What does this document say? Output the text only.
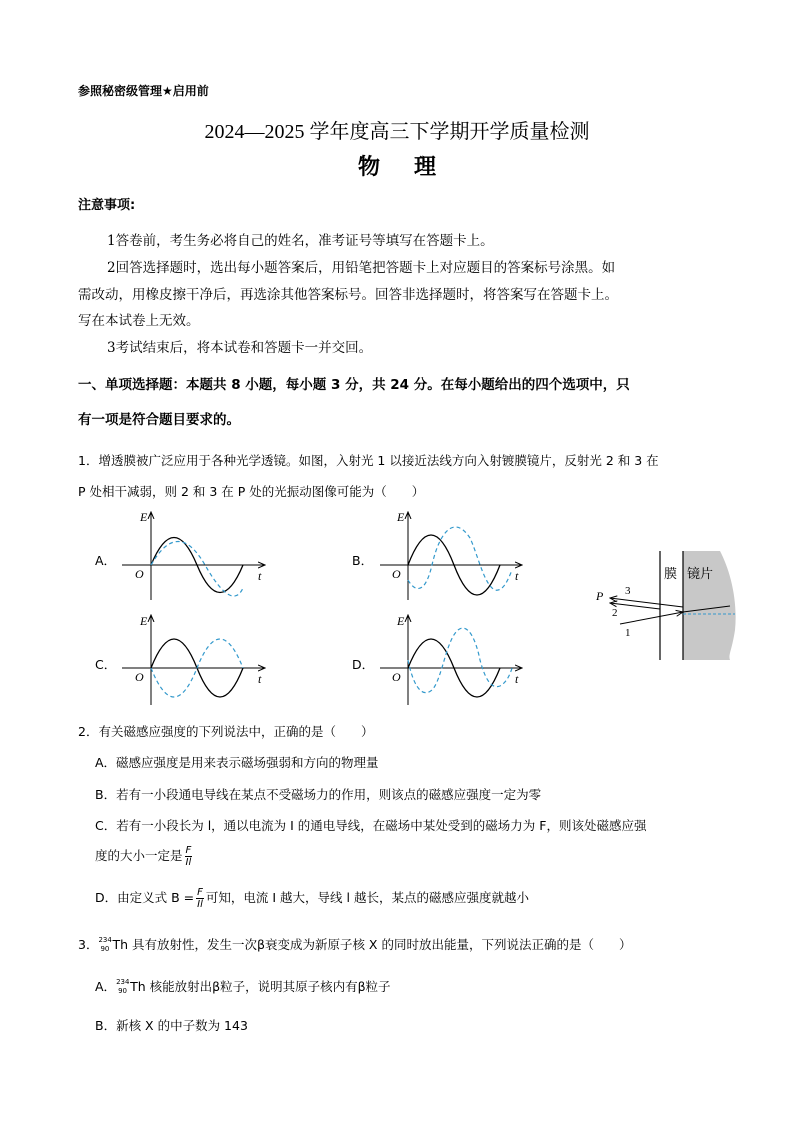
参照秘密级管理★启用前
2024—2025 学年度高三下学期开学质量检测
物理
注意事项:
1答卷前，考生务必将自己的姓名，准考证号等填写在答题卡上。
2回答选择题时，选出每小题答案后，用铅笔把答题卡上对应题目的答案标号涂黑。如
需改动，用橡皮擦干净后，再选涂其他答案标号。回答非选择题时，将答案写在答题卡上。
写在本试卷上无效。
3考试结束后，将本试卷和答题卡一并交回。
一、单项选择题：本题共 8 小题，每小题 3 分，共 24 分。在每小题给出的四个选项中，只
有一项是符合题目要求的。
1．增透膜被广泛应用于各种光学透镜。如图，入射光 1 以接近法线方向入射镀膜镜片，反射光 2 和 3 在
P 处相干减弱，则 2 和 3 在 P 处的光振动图像可能为（　　）
A．	B．
C．	D．
E
t
O
E
t
O
E
t
O
E
t
O
P 3
2
1
膜 镜片
2．有关磁感应强度的下列说法中，正确的是（　　）
A．磁感应强度是用来表示磁场强弱和方向的物理量
B．若有一小段通电导线在某点不受磁场力的作用，则该点的磁感应强度一定为零
C．若有一小段长为 l，通以电流为 I 的通电导线，在磁场中某处受到的磁场力为 F，则该处磁感应强
度的大小一定是 $\frac{F}{Il}$
D．由定义式 $B = \frac{F}{Il}$ 可知，电流 I 越大，导线 l 越长，某点的磁感应强度就越小
3． 234
90 Th 具有放射性，发生一次β衰变成为新原子核 X 的同时放出能量，下列说法正确的是（　　）
A． 234
90 Th 核能放射出β粒子，说明其原子核内有β粒子
B．新核 X 的中子数为 143
